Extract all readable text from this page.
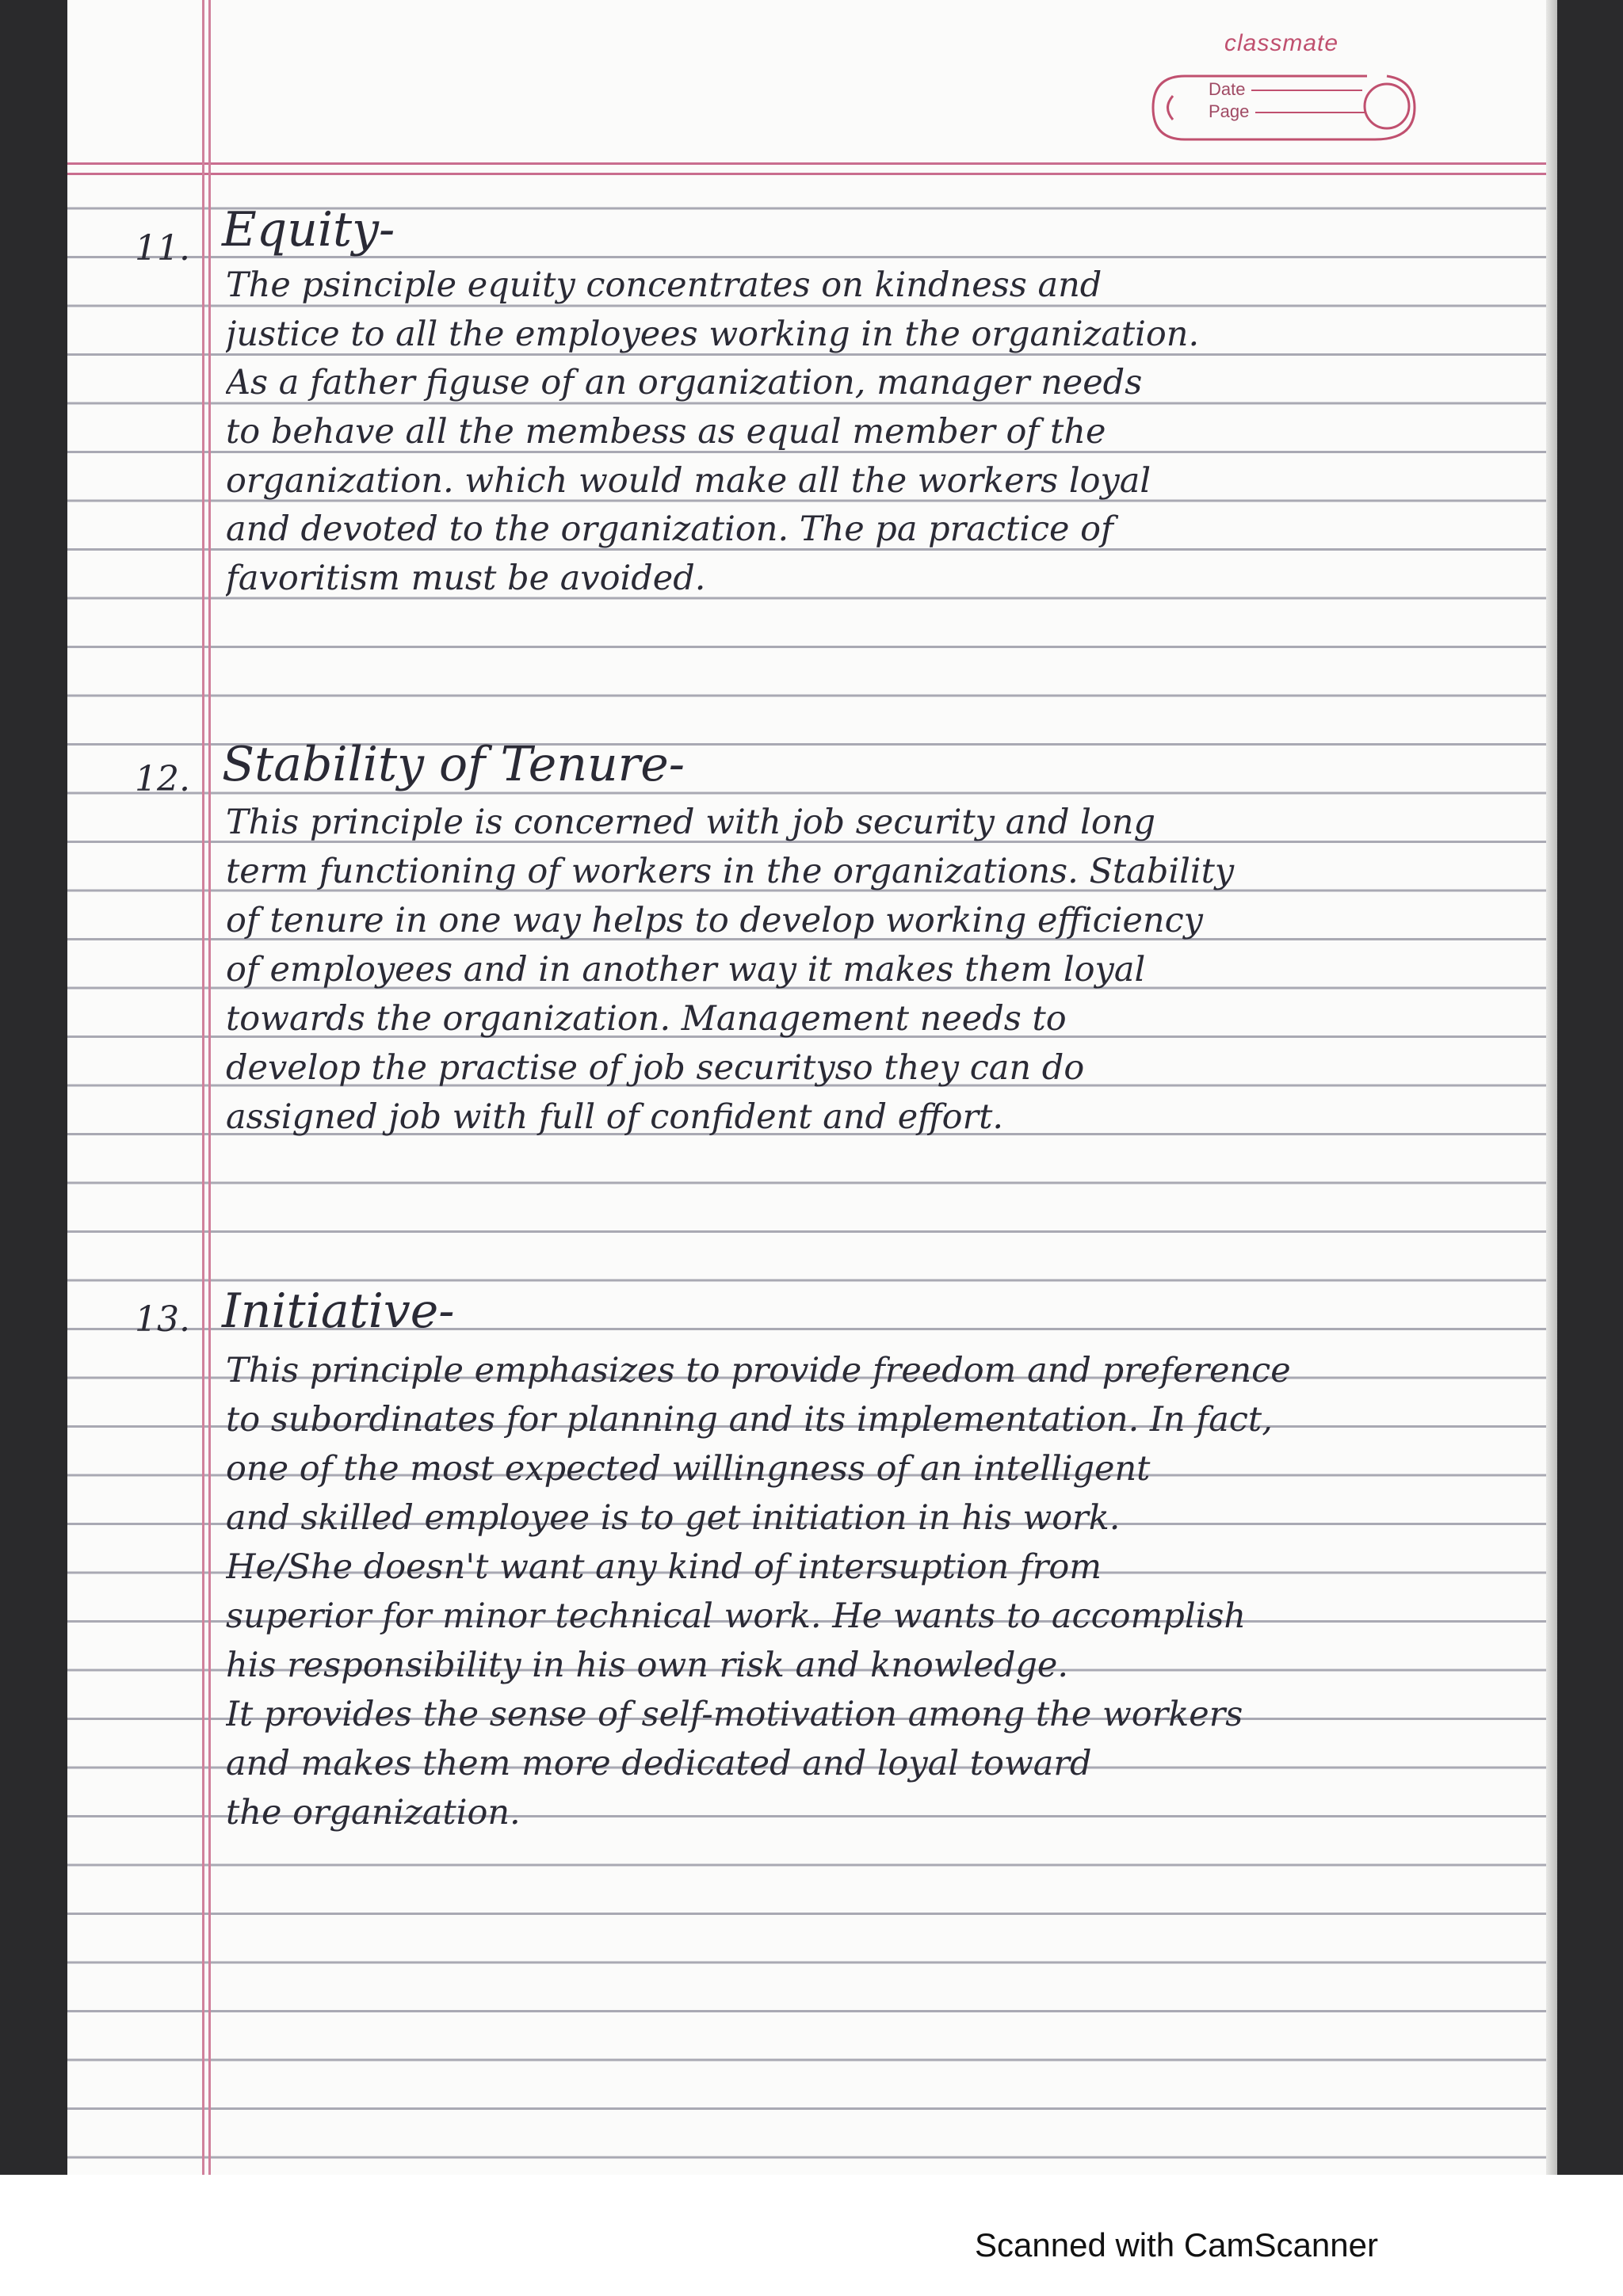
classmate
Date
Page
11. Equity-
The psinciple equity concentrates on kindness and
justice to all the employees working in the organization.
As a father figuse of an organization, manager needs
to behave all the membess as equal member of the
organization. which would make all the workers loyal
and devoted to the organization. The pa practice of
favoritism must be avoided.
12. Stability of Tenure-
This principle is concerned with job security and long
term functioning of workers in the organizations. Stability
of tenure in one way helps to develop working efficiency
of employees and in another way it makes them loyal
towards the organization. Management needs to
develop the practise of job securityso they can do
assigned job with full of confident and effort.
13. Initiative-
This principle emphasizes to provide freedom and preference
to subordinates for planning and its implementation. In fact,
one of the most expected willingness of an intelligent
and skilled employee is to get initiation in his work.
He/She doesn't want any kind of intersuption from
superior for minor technical work. He wants to accomplish
his responsibility in his own risk and knowledge.
It provides the sense of self-motivation among the workers
and makes them more dedicated and loyal toward
the organization.
Scanned with CamScanner
